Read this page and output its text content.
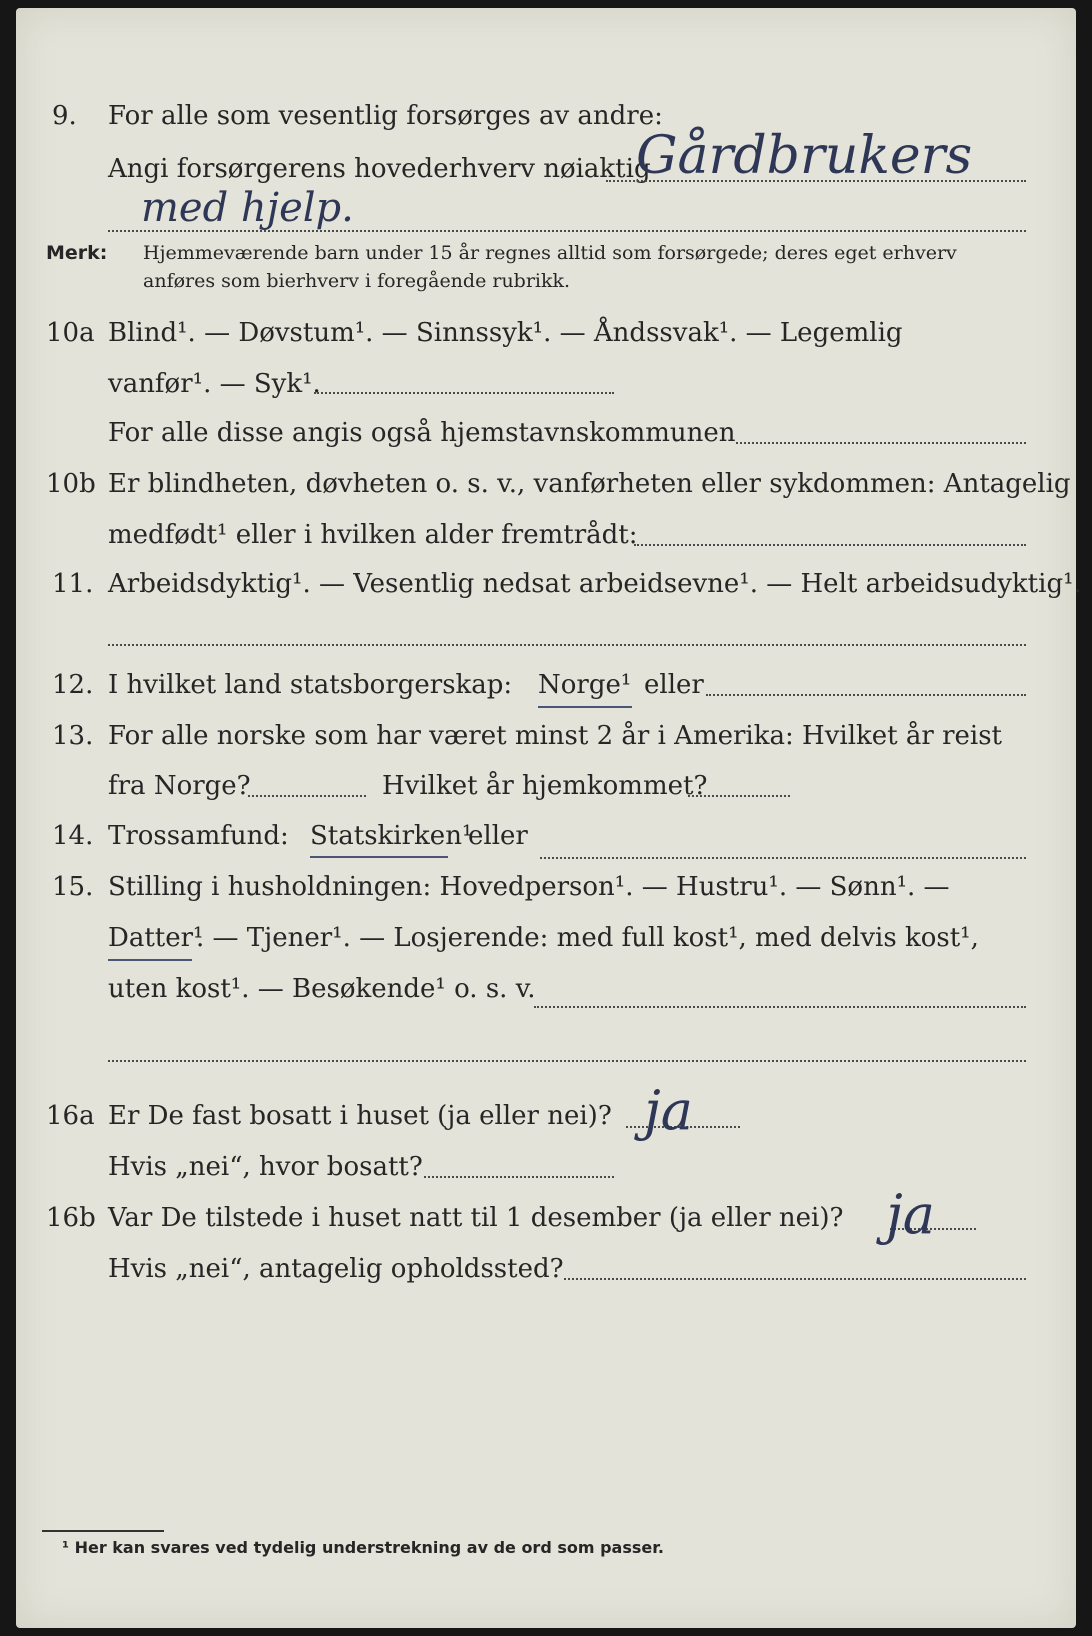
9. For alle som vesentlig forsørges av andre:
Angi forsørgerens hovederhverv nøiaktig
Gårdbrukers
med hjelp.
Merk: Hjemmeværende barn under 15 år regnes alltid som forsørgede; deres eget erhverv
anføres som bierhverv i foregående rubrikk.
10a Blind¹. — Døvstum¹. — Sinnssyk¹. — Åndssvak¹. — Legemlig
vanfør¹. — Syk¹.
For alle disse angis også hjemstavnskommunen
10b Er blindheten, døvheten o. s. v., vanførheten eller sykdommen: Antagelig
medfødt¹ eller i hvilken alder fremtrådt:
11. Arbeidsdyktig¹. — Vesentlig nedsat arbeidsevne¹. — Helt arbeidsudyktig¹.
12. I hvilket land statsborgerskap: Norge¹ eller
13. For alle norske som har været minst 2 år i Amerika: Hvilket år reist
fra Norge?	Hvilket år hjemkommet?
14. Trossamfund: Statskirken¹
eller
15. Stilling i husholdningen: Hovedperson¹. — Hustru¹. — Sønn¹. —
Datter¹
. — Tjener¹. — Losjerende: med full kost¹, med delvis kost¹,
uten kost¹. — Besøkende¹ o. s. v.
16a Er De fast bosatt i huset (ja eller nei)? ja
Hvis „nei“, hvor bosatt?
16b Var De tilstede i huset natt til 1 desember (ja eller nei)? ja
Hvis „nei“, antagelig opholdssted?
¹ Her kan svares ved tydelig understrekning av de ord som passer.
